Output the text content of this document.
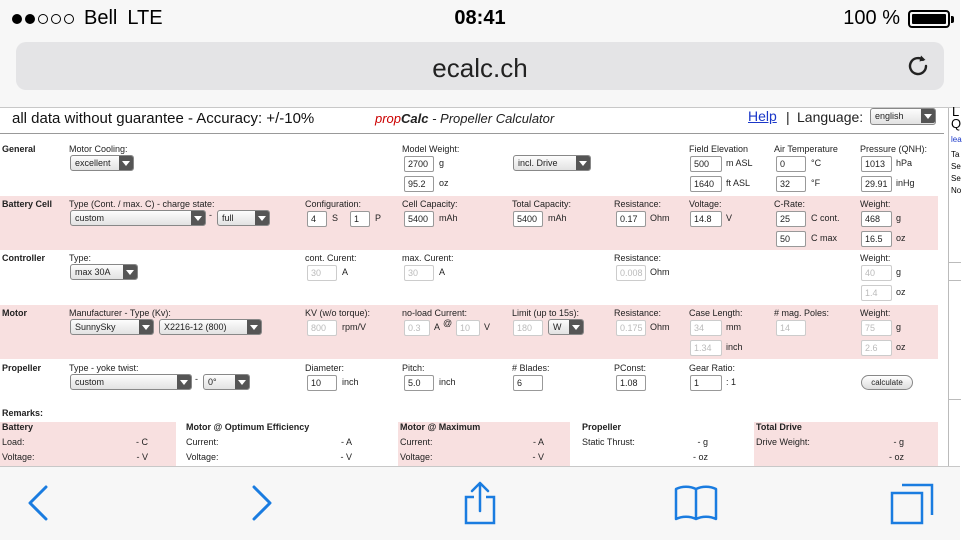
Bell LTE	08:41	100 %
ecalc.ch
all data without guarantee - Accuracy: +/-10%	propCalc - Propeller Calculator	Help | Language:	english
General	Motor Cooling:
excellent
Model Weight:
2700	g
95.2	oz
incl. Drive
Field Elevation
500	m ASL
1640	ft ASL
Air Temperature
0	°C
32	°F
Pressure (QNH):
1013	hPa
29.91 inHg
Battery Cell Type (Cont. / max. C) - charge state:
custom	-	full
Configuration:
4	S	1	P
Cell Capacity:
5400	mAh
Total Capacity:
5400	mAh
Resistance:
0.17	Ohm
Voltage:
14.8	V
C-Rate:
25	C cont.
50	C max
Weight:
468	g
16.5	oz
Controller	Type:
max 30A
cont. Curent:
30	A
max. Curent:
30	A
Resistance:
0.008 Ohm
Weight:
40	g
1.4	oz
Motor	Manufacturer - Type (Kv):
SunnySky	X2216-12 (800)
KV (w/o torque):
800	rpm/V
no-load Current:
0.3	A @ 10	V
Limit (up to 15s):
180	W
Resistance:
0.175 Ohm
Case Length:
34	mm
1.34	inch
# mag. Poles:
14
Weight:
75	g
2.6	oz
Propeller	Type - yoke twist:
custom	-	0°
Diameter:
10	inch
Pitch:
5.0	inch
# Blades:
6
PConst:
1.08
Gear Ratio:
1	: 1	calculate
Remarks:
Battery
Load:	- C
Voltage:	- V
Motor @ Optimum Efficiency
Current:	- A
Voltage:	- V
Motor @ Maximum
Current:	- A
Voltage:	- V
Propeller
Static Thrust:	- g
- oz
Total Drive
Drive Weight:	- g
- oz
L
Q
lea
Ta
Se
Se
No
